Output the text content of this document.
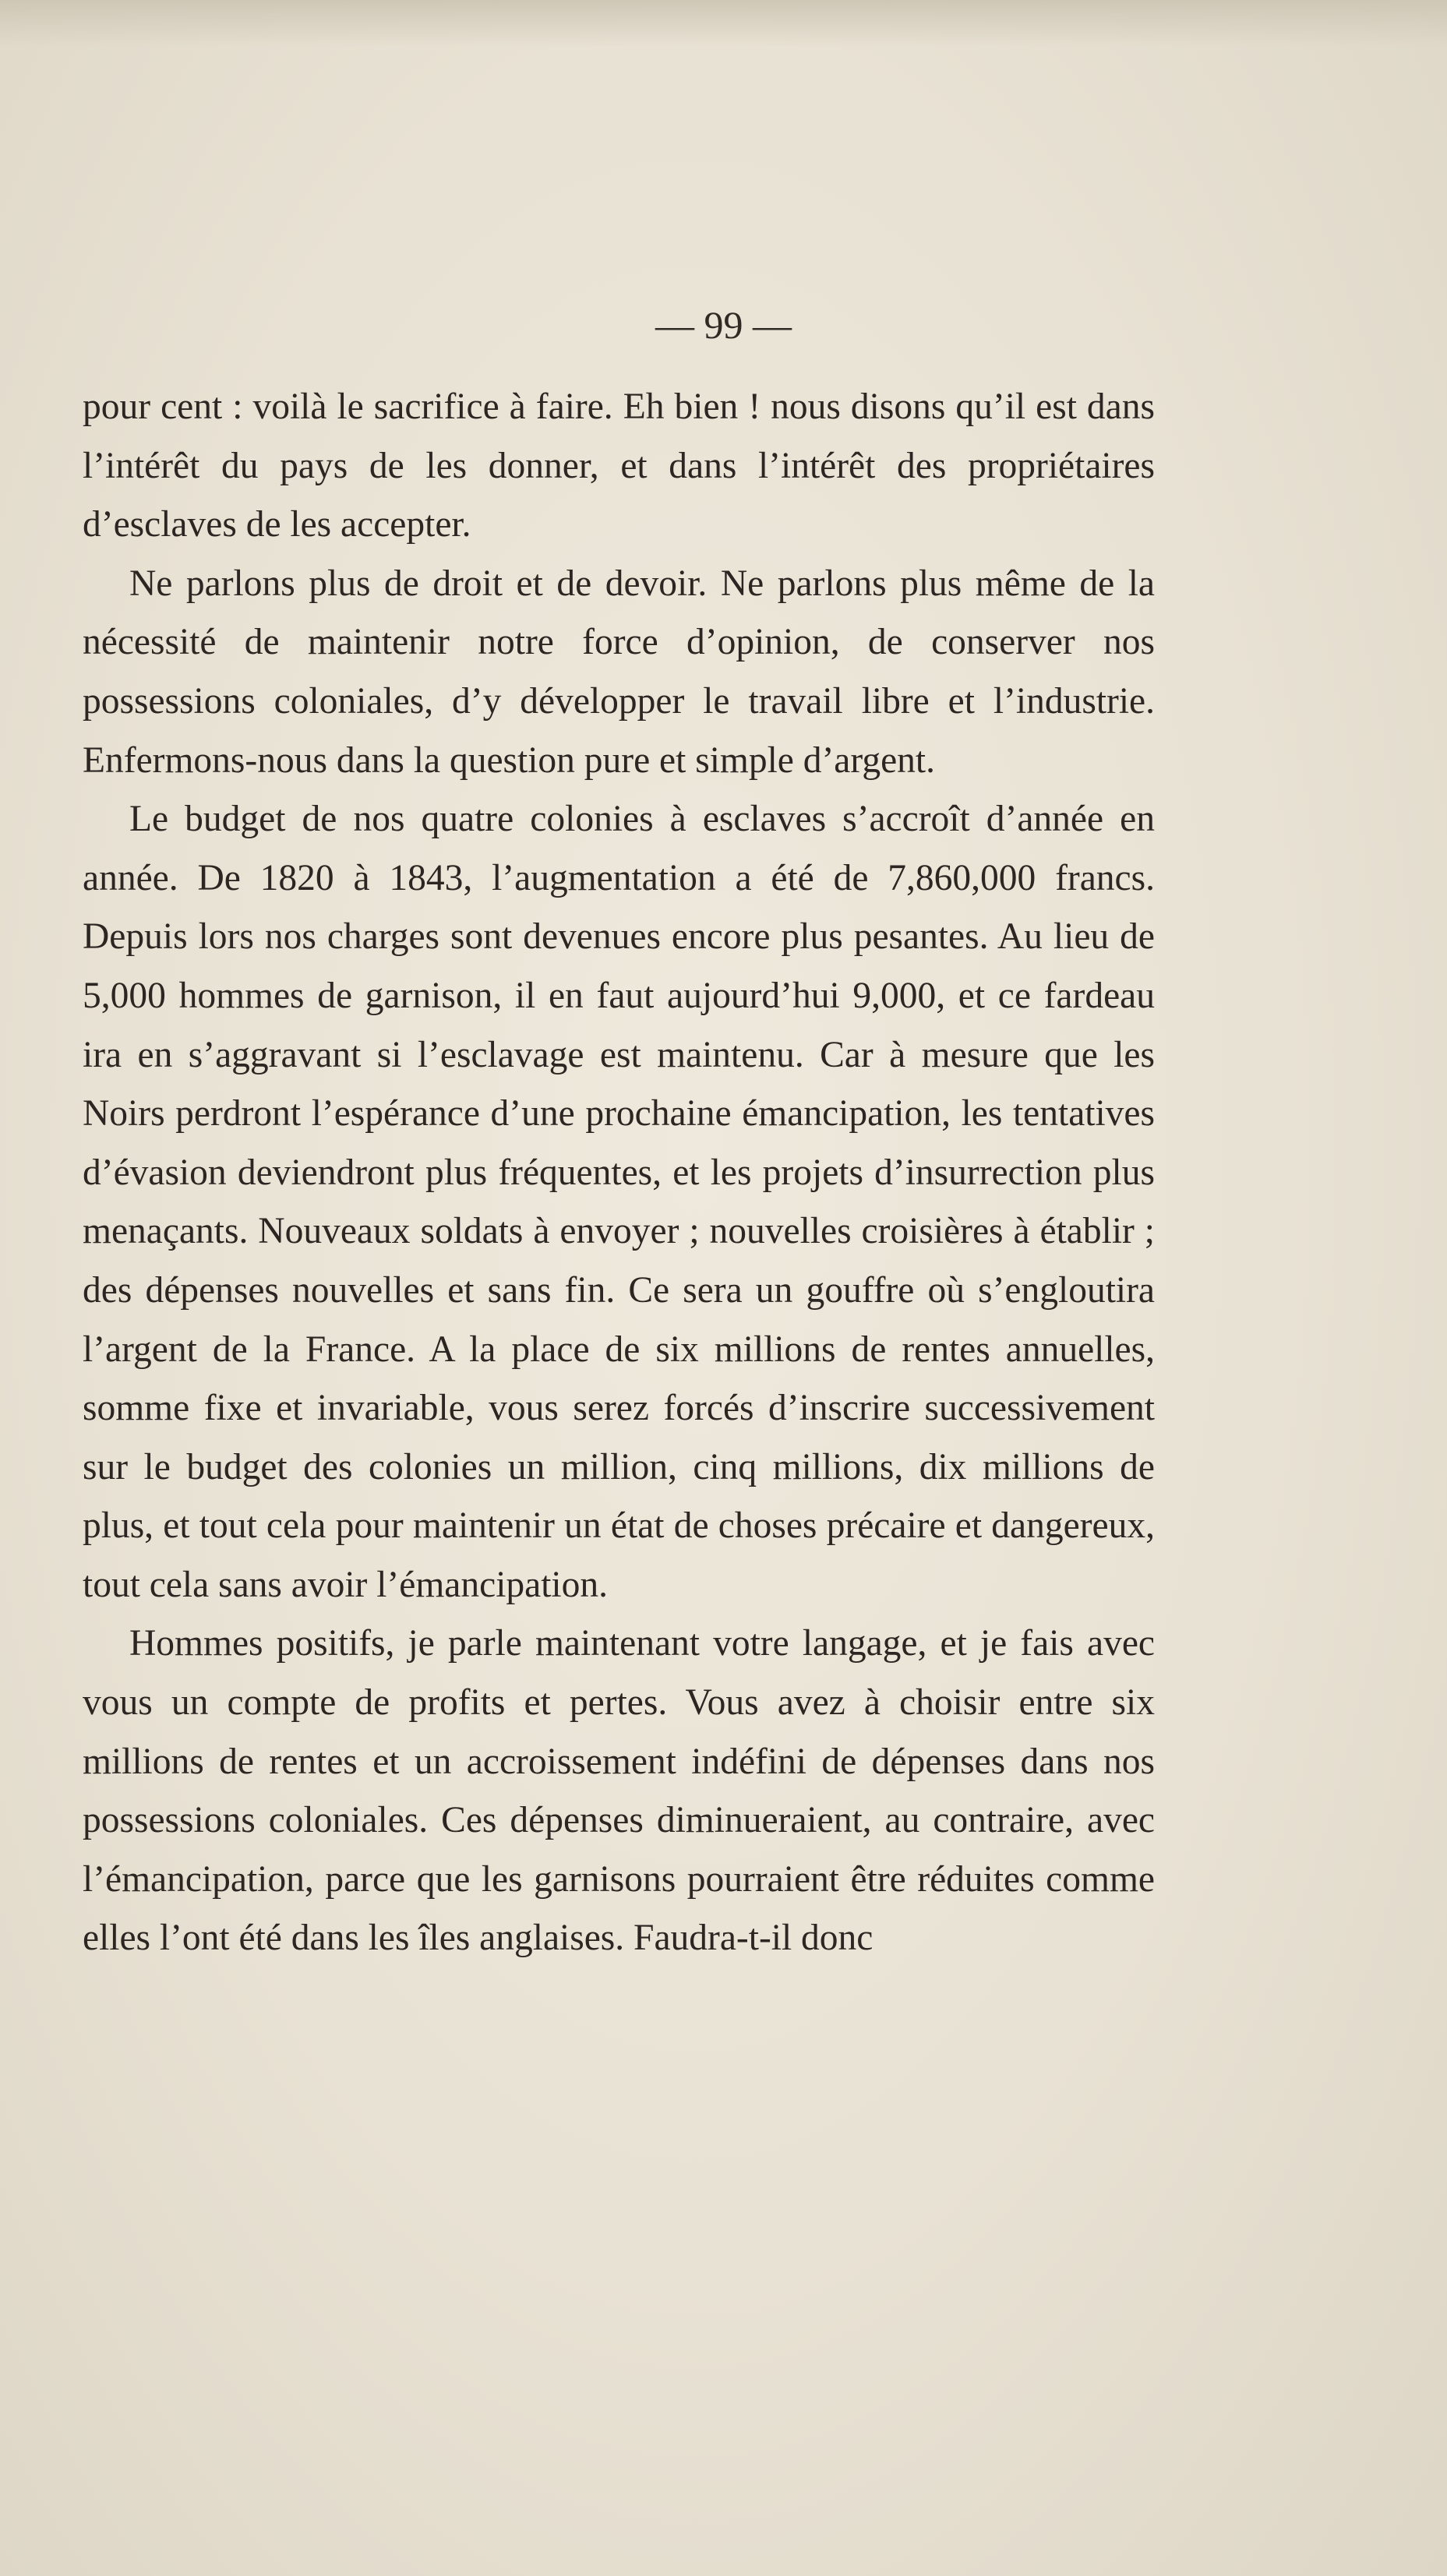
— 99 —

pour cent : voilà le sacrifice à faire. Eh bien ! nous disons qu’il est dans l’intérêt du pays de les donner, et dans l’intérêt des propriétaires d’esclaves de les accepter.

Ne parlons plus de droit et de devoir. Ne parlons plus même de la nécessité de maintenir notre force d’opinion, de conserver nos possessions coloniales, d’y développer le travail libre et l’industrie. Enfermons-nous dans la question pure et simple d’argent.

Le budget de nos quatre colonies à esclaves s’accroît d’année en année. De 1820 à 1843, l’augmentation a été de 7,860,000 francs. Depuis lors nos charges sont devenues encore plus pesantes. Au lieu de 5,000 hommes de garnison, il en faut aujourd’hui 9,000, et ce fardeau ira en s’aggravant si l’esclavage est maintenu. Car à mesure que les Noirs perdront l’espérance d’une prochaine émancipation, les tentatives d’évasion deviendront plus fréquentes, et les projets d’insurrection plus menaçants. Nouveaux soldats à envoyer ; nouvelles croisières à établir ; des dépenses nouvelles et sans fin. Ce sera un gouffre où s’engloutira l’argent de la France. A la place de six millions de rentes annuelles, somme fixe et invariable, vous serez forcés d’inscrire successivement sur le budget des colonies un million, cinq millions, dix millions de plus, et tout cela pour maintenir un état de choses précaire et dangereux, tout cela sans avoir l’émancipation.

Hommes positifs, je parle maintenant votre langage, et je fais avec vous un compte de profits et pertes. Vous avez à choisir entre six millions de rentes et un accroissement indéfini de dépenses dans nos possessions coloniales. Ces dépenses diminueraient, au contraire, avec l’émancipation, parce que les garnisons pourraient être réduites comme elles l’ont été dans les îles anglaises. Faudra-t-il donc
